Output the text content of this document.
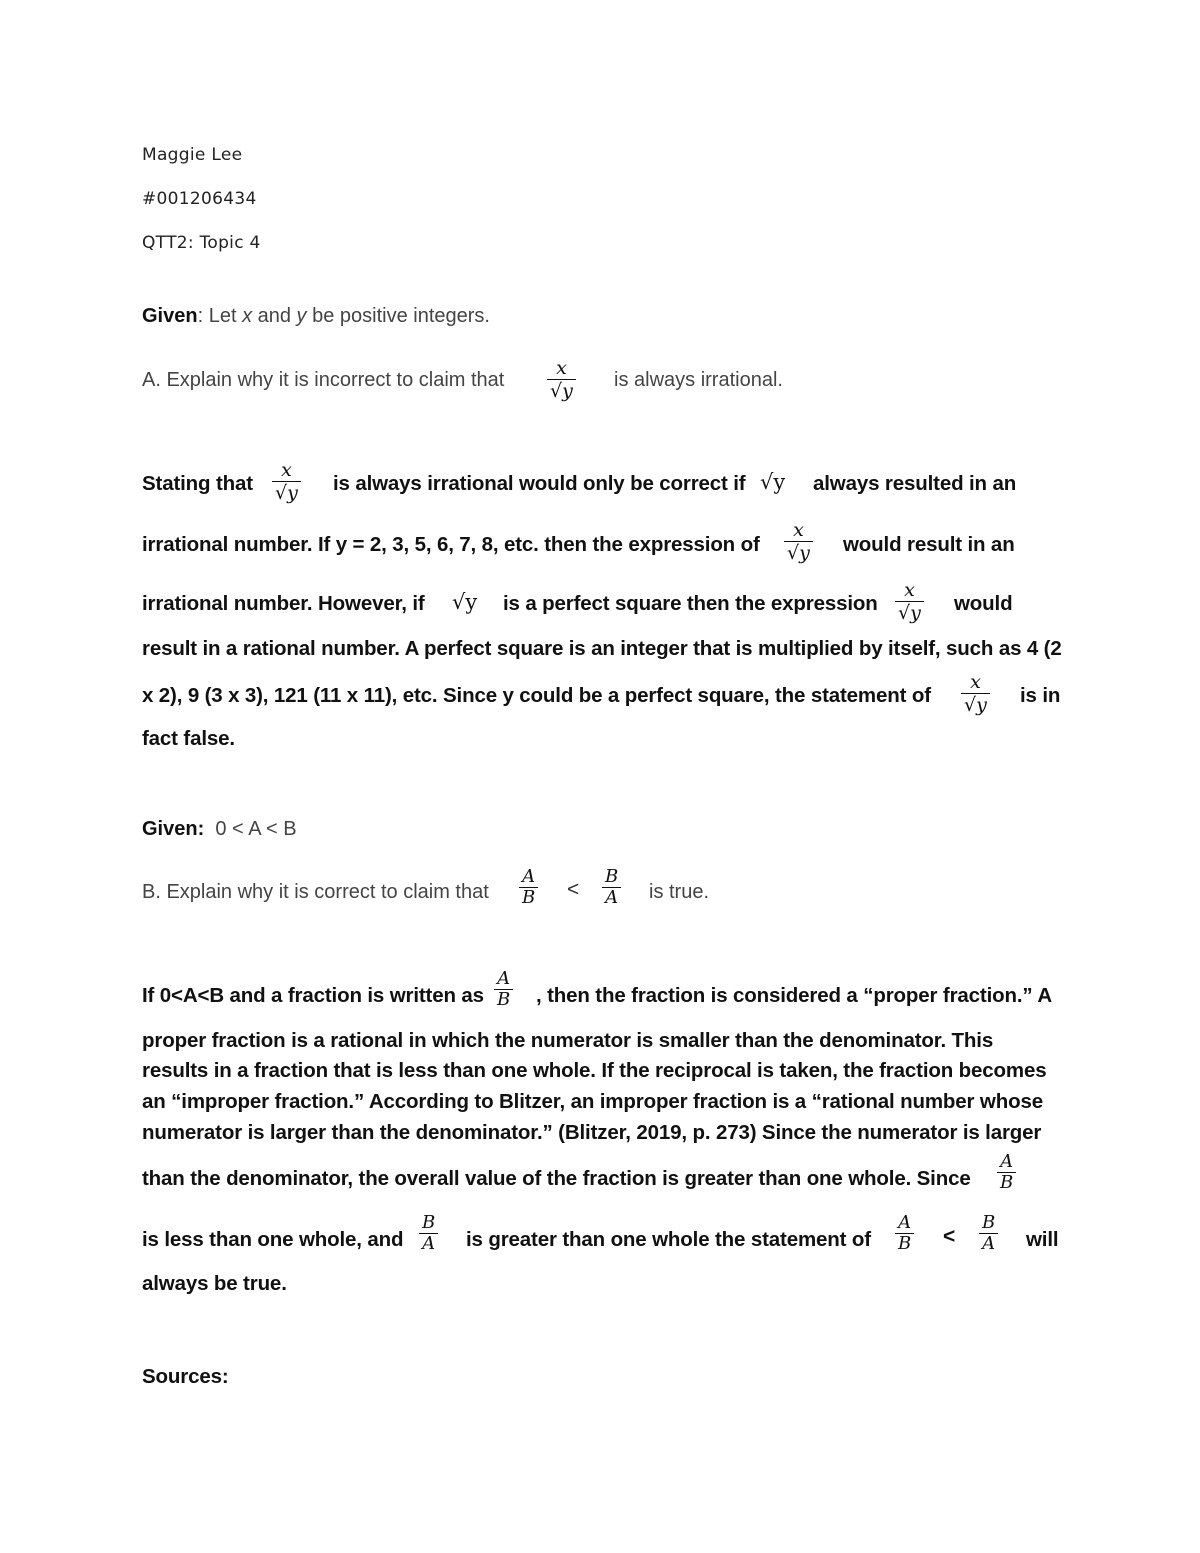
Maggie Lee
#001206434
QTT2: Topic 4
Given: Let x and y be positive integers.
A. Explain why it is incorrect to claim that
x
√y is always irrational.
Stating that
x
√y is always irrational would only be correct if √y always resulted in an
irrational number. If y = 2, 3, 5, 6, 7, 8, etc. then the expression of
x
√y would result in an
irrational number. However, if √y is a perfect square then the expression
x
√y would
result in a rational number. A perfect square is an integer that is multiplied by itself, such as 4 (2
x 2), 9 (3 x 3), 121 (11 x 11), etc. Since y could be a perfect square, the statement of
x
√y is in
fact false.
Given: 0 < A < B
B. Explain why it is correct to claim that
A
B <
B
A is true.
If 0<A<B and a fraction is written as
A
B , then the fraction is considered a “proper fraction.” A
proper fraction is a rational in which the numerator is smaller than the denominator. This
results in a fraction that is less than one whole. If the reciprocal is taken, the fraction becomes
an “improper fraction.” According to Blitzer, an improper fraction is a “rational number whose
numerator is larger than the denominator.” (Blitzer, 2019, p. 273) Since the numerator is larger
than the denominator, the overall value of the fraction is greater than one whole. Since
A
B
is less than one whole, and
B
A is greater than one whole the statement of
A
B <
B
A will
always be true.
Sources:
